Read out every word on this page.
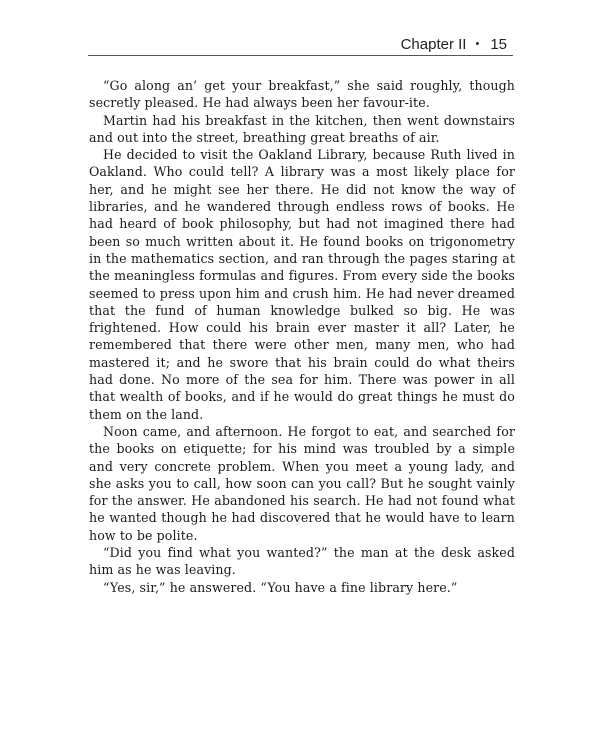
Chapter II • 15

“Go along an’ get your breakfast,” she said roughly, though secretly pleased. He had always been her favour-ite.

Martin had his breakfast in the kitchen, then went downstairs and out into the street, breathing great breaths of air.

He decided to visit the Oakland Library, because Ruth lived in Oakland. Who could tell? A library was a most likely place for her, and he might see her there. He did not know the way of libraries, and he wandered through endless rows of books. He had heard of book philosophy, but had not imagined there had been so much written about it. He found books on trigonometry in the mathematics section, and ran through the pages staring at the meaningless formulas and figures. From every side the books seemed to press upon him and crush him. He had never dreamed that the fund of human knowledge bulked so big. He was frightened. How could his brain ever master it all? Later, he remembered that there were other men, many men, who had mastered it; and he swore that his brain could do what theirs had done. No more of the sea for him. There was power in all that wealth of books, and if he would do great things he must do them on the land.

Noon came, and afternoon. He forgot to eat, and searched for the books on etiquette; for his mind was troubled by a simple and very concrete problem. When you meet a young lady, and she asks you to call, how soon can you call? But he sought vainly for the answer. He abandoned his search. He had not found what he wanted though he had discovered that he would have to learn how to be polite.

“Did you find what you wanted?” the man at the desk asked him as he was leaving.

“Yes, sir,” he answered. “You have a fine library here.”
